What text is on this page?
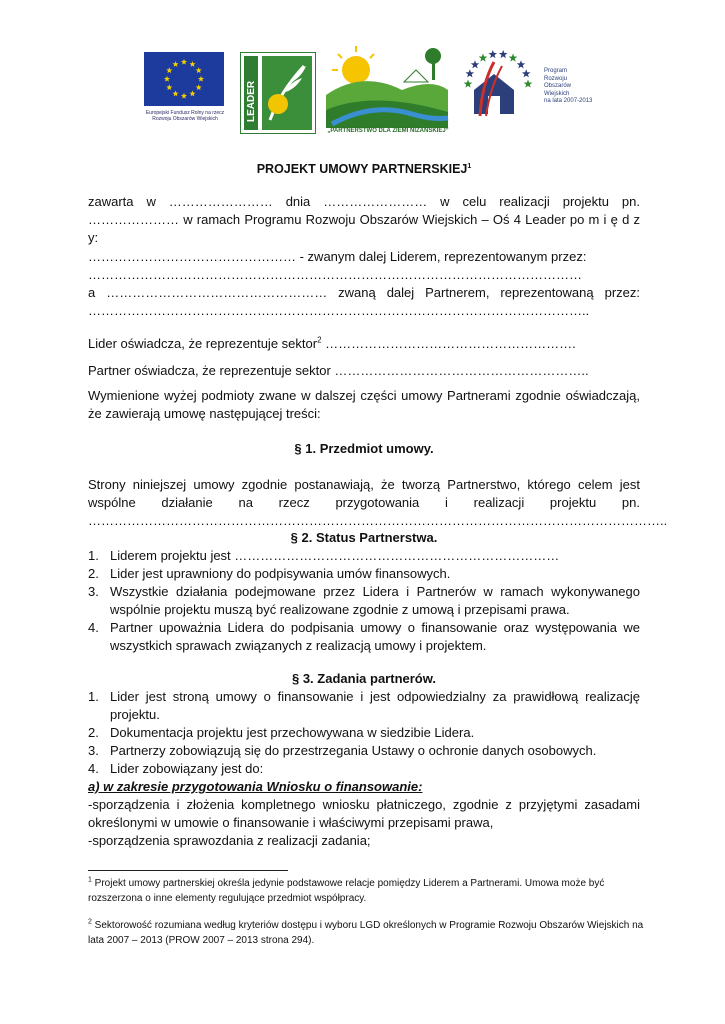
Europejski Fundusz Rolny na rzecz Rozwoju Obszarów Wiejskich	LEADER
„PARTNERSTWO DLA ZIEMI NIŻAŃSKIEJ”
Program
Rozwoju
Obszarów
Wiejskich
na lata 2007-2013
PROJEKT UMOWY PARTNERSKIEJ$^1$

zawarta w …………………… dnia …………………… w celu realizacji projektu pn. ………………… w ramach Programu Rozwoju Obszarów Wiejskich – Oś 4 Leader po m i ę d z y:

………………………………………… - zwanym dalej Liderem, reprezentowanym przez:

……………………………………………………………………………………………………

a …………………………………………… zwaną dalej Partnerem, reprezentowaną przez:

……………………………………………………………………………………………………..

Lider oświadcza, że reprezentuje sektor$^2$ ………………………………………………….
Partner oświadcza, że reprezentuje sektor …………………………………………………..

Wymienione wyżej podmioty zwane w dalszej części umowy Partnerami zgodnie oświadczają, że zawierają umowę następującej treści:

§ 1. Przedmiot umowy.

Strony niniejszej umowy zgodnie postanawiają, że tworzą Partnerstwo, którego celem jest wspólne działanie na rzecz przygotowania i realizacji projektu pn.

……………………………………………………………………………………………………………………..

§ 2. Status Partnerstwa.

1. Liderem projektu jest …………………………………………………………………
2. Lider jest uprawniony do podpisywania umów finansowych.
3. Wszystkie działania podejmowane przez Lidera i Partnerów w ramach wykonywanego wspólnie projektu muszą być realizowane zgodnie z umową i przepisami prawa.
4. Partner upoważnia Lidera do podpisania umowy o finansowanie oraz występowania we wszystkich sprawach związanych z realizacją umowy i projektem.

§ 3. Zadania partnerów.

1. Lider jest stroną umowy o finansowanie i jest odpowiedzialny za prawidłową realizację projektu.
2. Dokumentacja projektu jest przechowywana w siedzibie Lidera.
3. Partnerzy zobowiązują się do przestrzegania Ustawy o ochronie danych osobowych.
4. Lider zobowiązany jest do:

a) w zakresie przygotowania Wniosku o finansowanie:

-sporządzenia i złożenia kompletnego wniosku płatniczego, zgodnie z przyjętymi zasadami określonymi w umowie o finansowanie i właściwymi przepisami prawa,

-sporządzenia sprawozdania z realizacji zadania;

$^1$ Projekt umowy partnerskiej określa jedynie podstawowe relacje pomiędzy Liderem a Partnerami. Umowa może być rozszerzona o inne elementy regulujące przedmiot współpracy.
$^2$ Sektorowość rozumiana według kryteriów dostępu i wyboru LGD określonych w Programie Rozwoju Obszarów Wiejskich na lata 2007 – 2013 (PROW 2007 – 2013 strona 294).
